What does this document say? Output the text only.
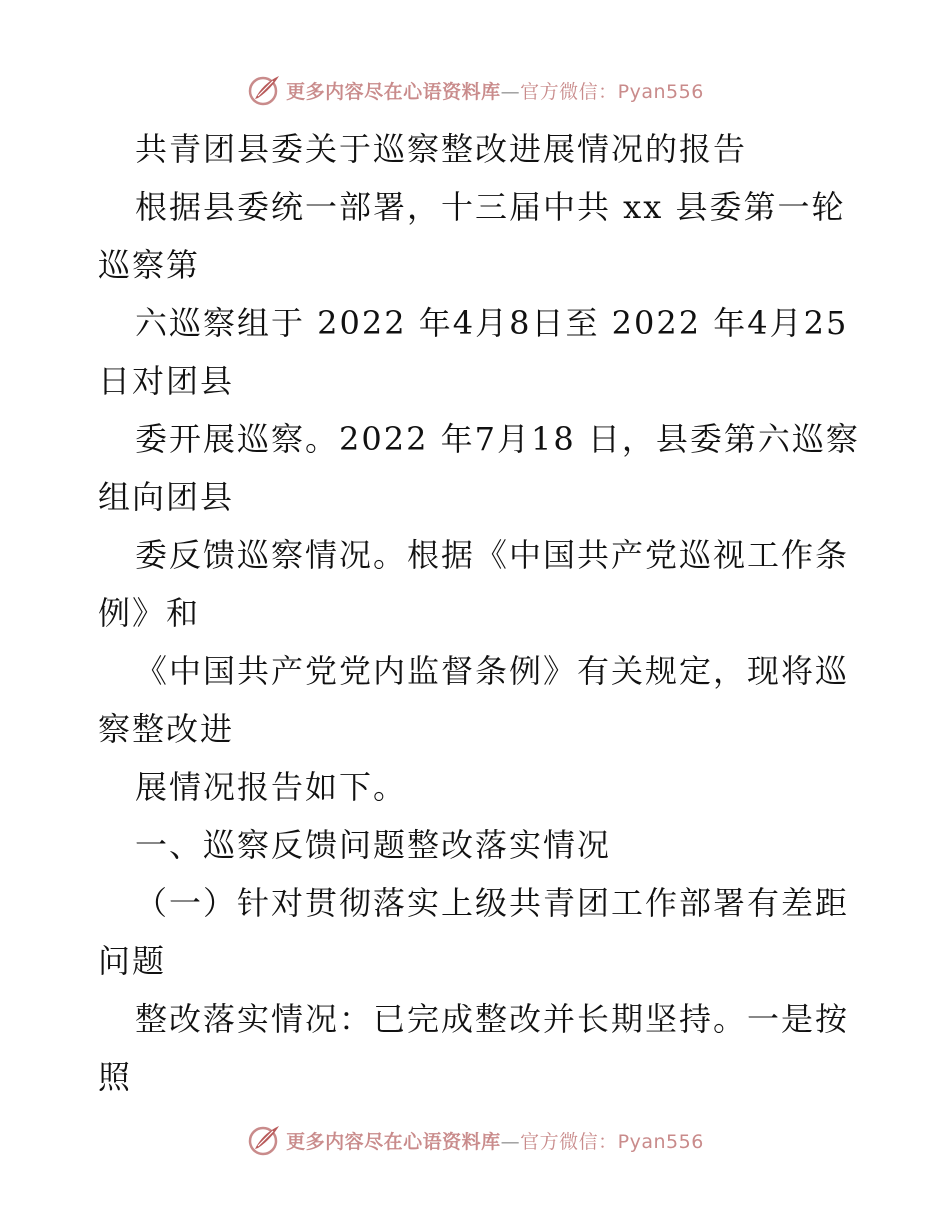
更多内容尽在心语资料库—官方微信：Pyan556
共青团县委关于巡察整改进展情况的报告
根据县委统一部署，十三届中共 xx 县委第一轮
巡察第
六巡察组于 2022 年4月8日至 2022 年4月25
日对团县
委开展巡察。2022 年7月18 日，县委第六巡察
组向团县
委反馈巡察情况。根据《中国共产党巡视工作条
例》和
《中国共产党党内监督条例》有关规定，现将巡
察整改进
展情况报告如下。
一、巡察反馈问题整改落实情况
（一）针对贯彻落实上级共青团工作部署有差距
问题
整改落实情况：已完成整改并长期坚持。一是按
照
更多内容尽在心语资料库—官方微信：Pyan556
